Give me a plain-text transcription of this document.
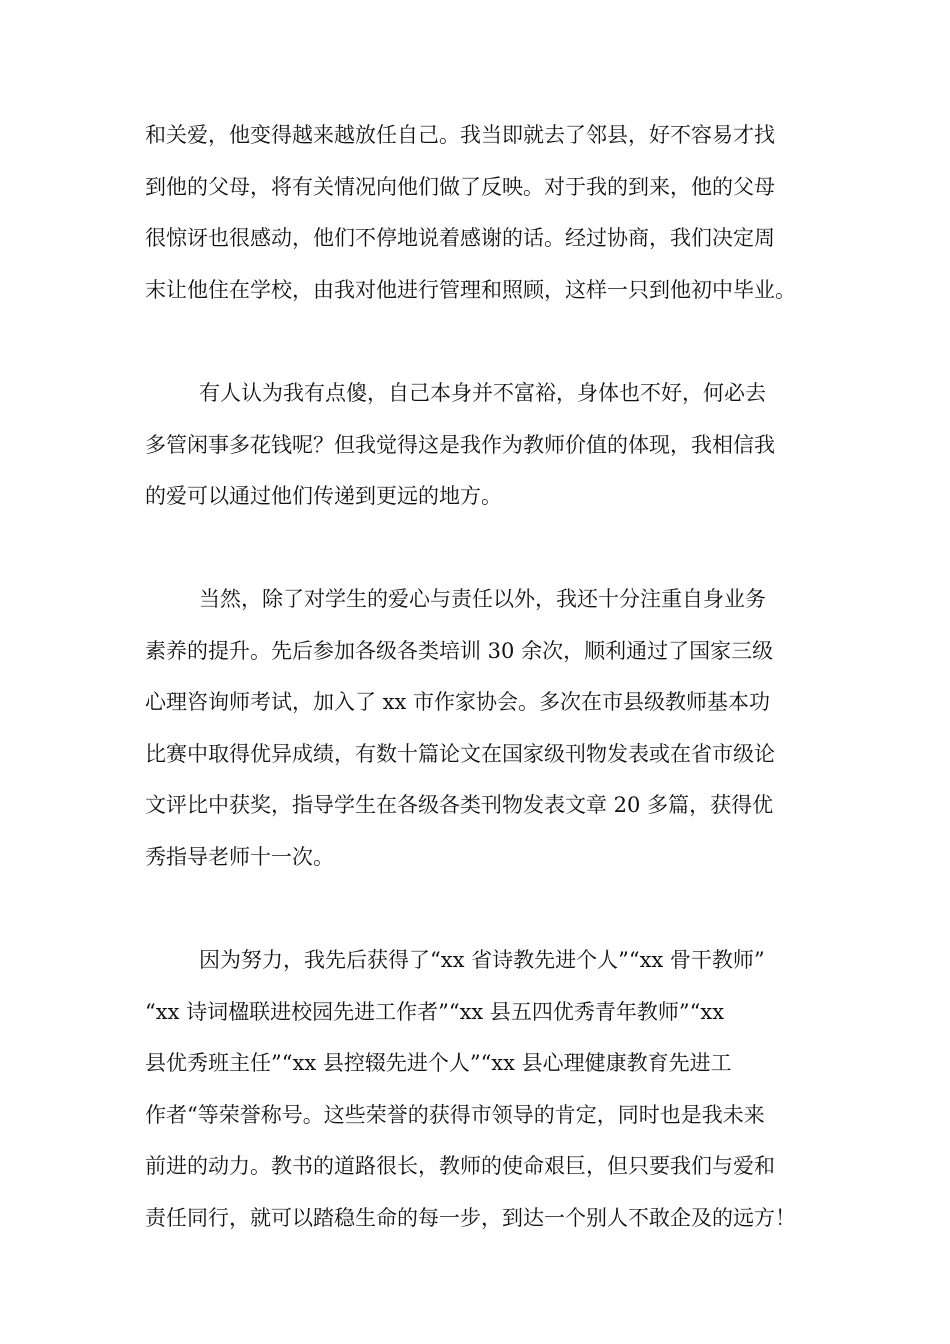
和关爱，他变得越来越放任自己。我当即就去了邻县，好不容易才找
到他的父母，将有关情况向他们做了反映。对于我的到来，他的父母
很惊讶也很感动，他们不停地说着感谢的话。经过协商，我们决定周
末让他住在学校，由我对他进行管理和照顾，这样一只到他初中毕业。
有人认为我有点傻，自己本身并不富裕，身体也不好，何必去
多管闲事多花钱呢？但我觉得这是我作为教师价值的体现，我相信我
的爱可以通过他们传递到更远的地方。
当然，除了对学生的爱心与责任以外，我还十分注重自身业务
素养的提升。先后参加各级各类培训 30 余次，顺利通过了国家三级
心理咨询师考试，加入了 xx 市作家协会。多次在市县级教师基本功
比赛中取得优异成绩，有数十篇论文在国家级刊物发表或在省市级论
文评比中获奖，指导学生在各级各类刊物发表文章 20 多篇，获得优
秀指导老师十一次。
因为努力，我先后获得了“xx 省诗教先进个人”“xx 骨干教师”
“xx 诗词楹联进校园先进工作者”“xx 县五四优秀青年教师”“xx
县优秀班主任”“xx 县控辍先进个人”“xx 县心理健康教育先进工
作者“等荣誉称号。这些荣誉的获得市领导的肯定，同时也是我未来
前进的动力。教书的道路很长，教师的使命艰巨，但只要我们与爱和
责任同行，就可以踏稳生命的每一步，到达一个别人不敢企及的远方！
